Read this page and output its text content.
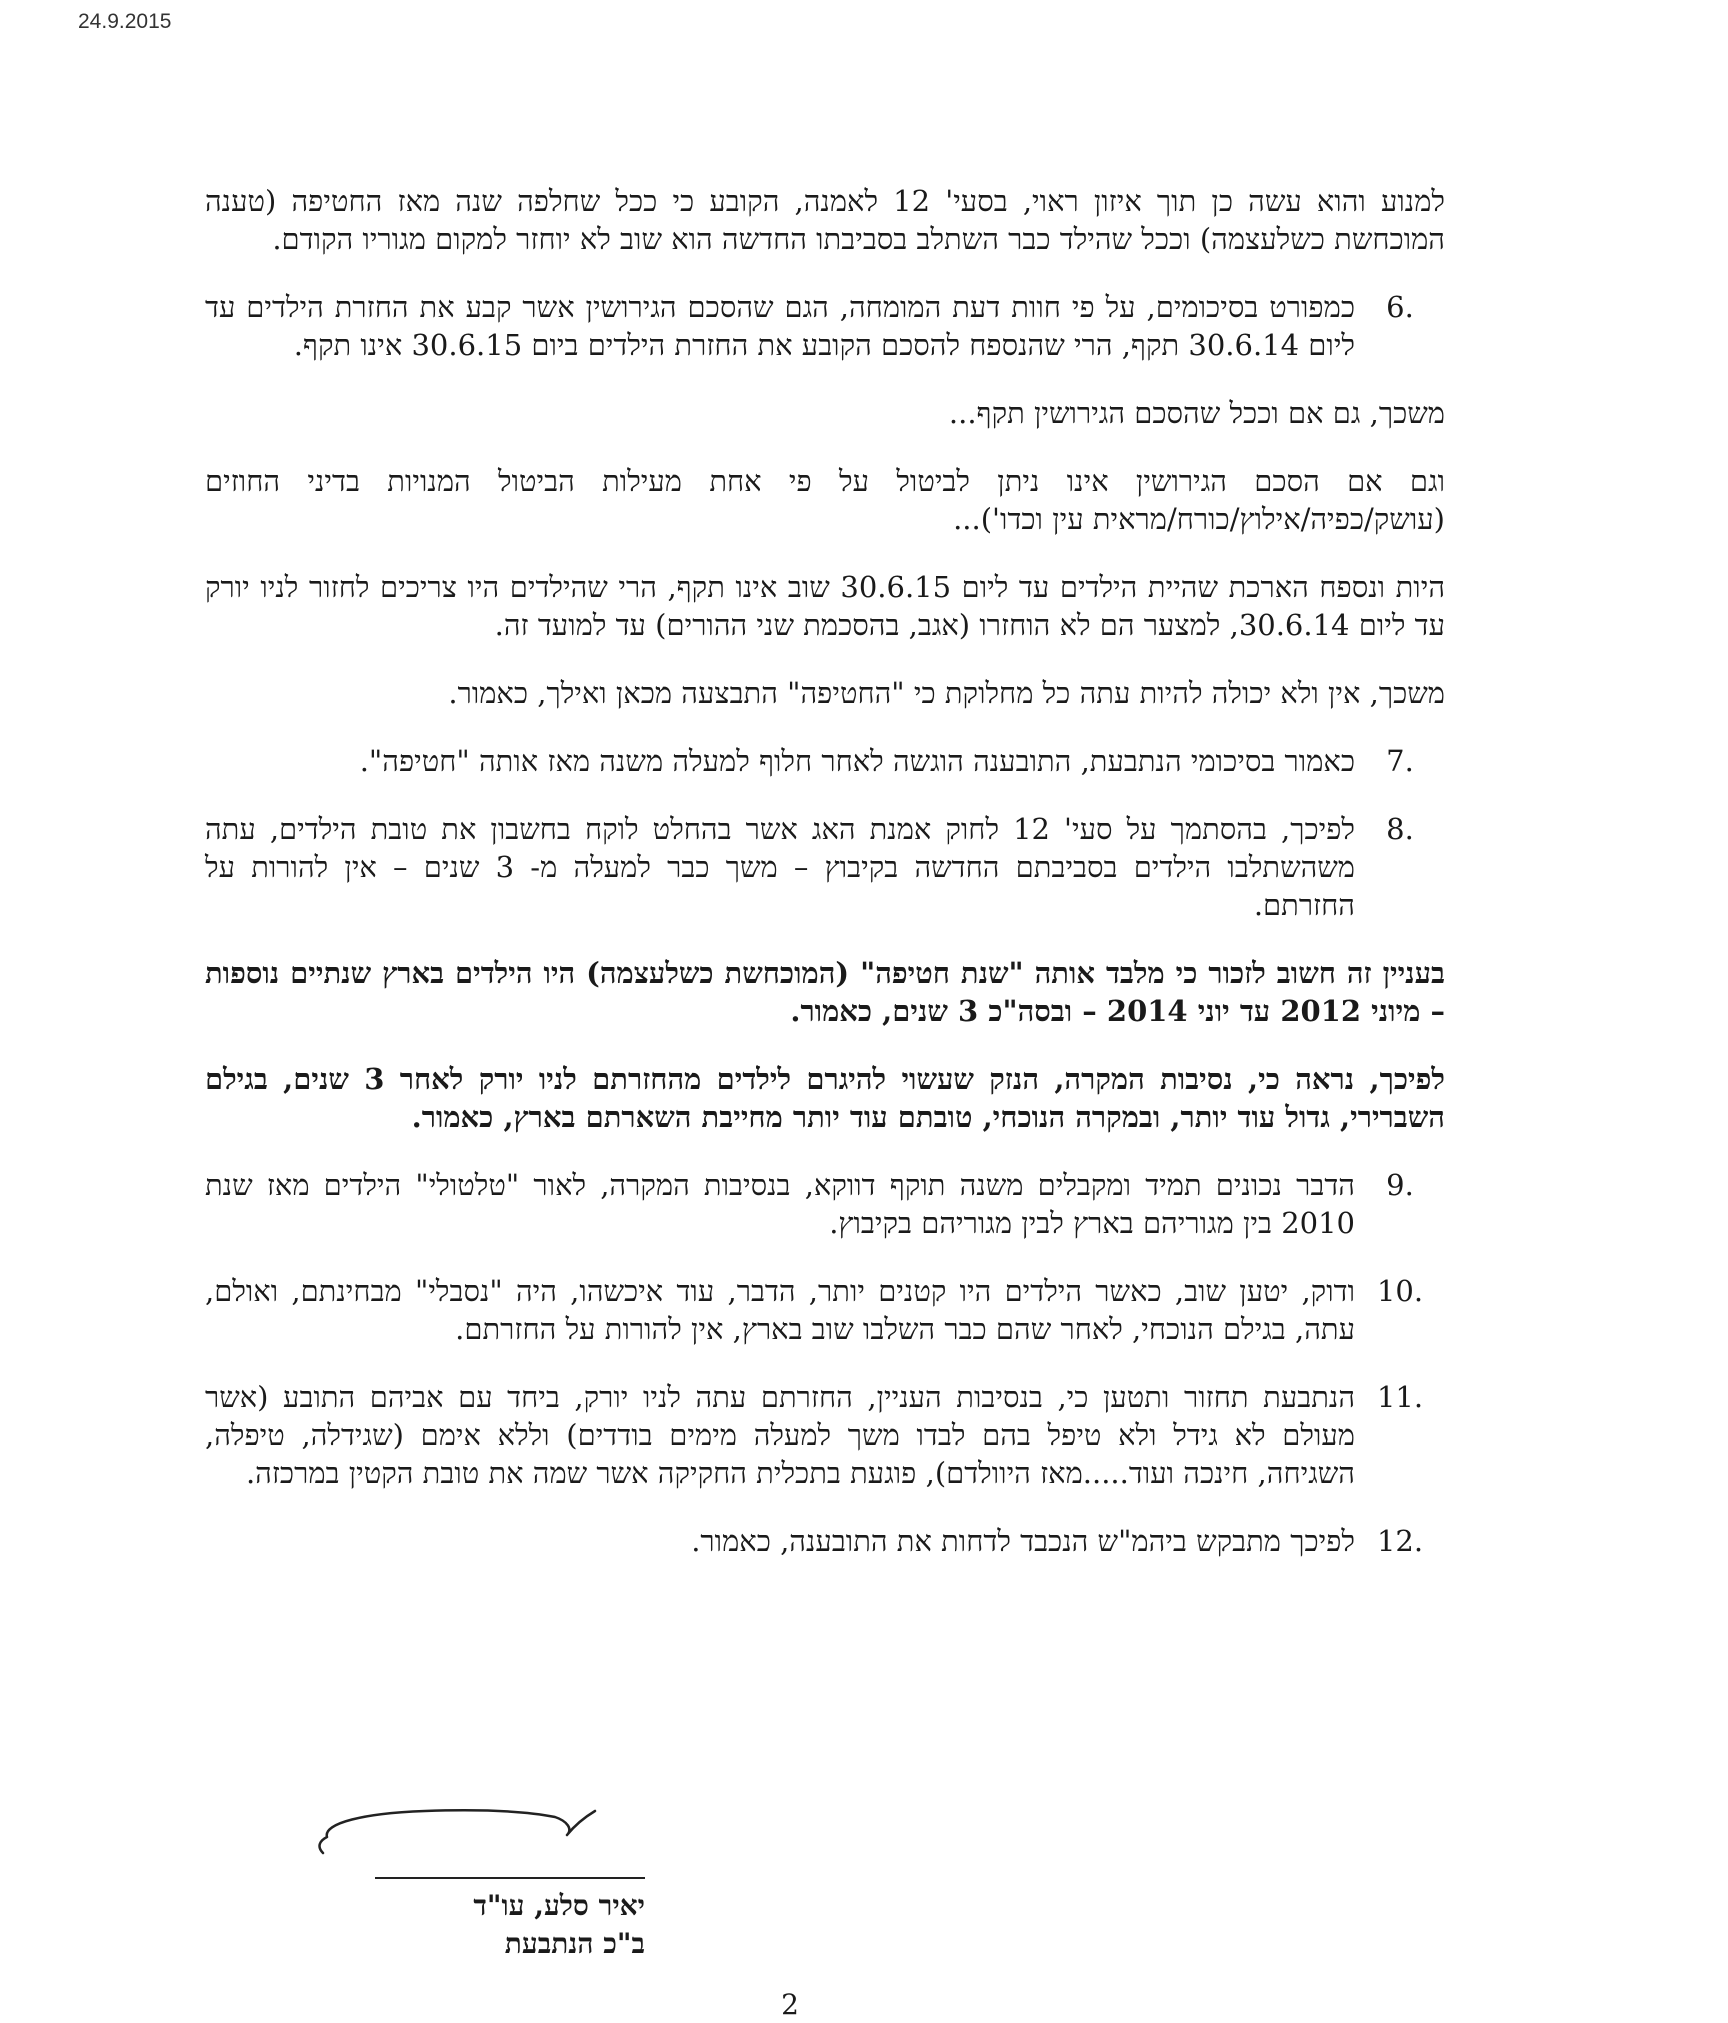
24.9.2015

למנוע והוא עשה כן תוך איזון ראוי, בסעי' 12 לאמנה, הקובע כי ככל שחלפה שנה מאז החטיפה (טענה המוכחשת כשלעצמה) וככל שהילד כבר השתלב בסביבתו החדשה הוא שוב לא יוחזר למקום מגוריו הקודם.

.6
כמפורט בסיכומים, על פי חוות דעת המומחה, הגם שהסכם הגירושין אשר קבע את החזרת הילדים עד ליום 30.6.14 תקף, הרי שהנספח להסכם הקובע את החזרת הילדים ביום 30.6.15 אינו תקף.

משכך, גם אם וככל שהסכם הגירושין תקף...

וגם אם הסכם הגירושין אינו ניתן לביטול על פי אחת מעילות הביטול המנויות בדיני החוזים (עושק/כפיה/אילוץ/כורח/מראית עין וכדו')...

היות ונספח הארכת שהיית הילדים עד ליום 30.6.15 שוב אינו תקף, הרי שהילדים היו צריכים לחזור לניו יורק עד ליום 30.6.14, למצער הם לא הוחזרו (אגב, בהסכמת שני ההורים) עד למועד זה.

משכך, אין ולא יכולה להיות עתה כל מחלוקת כי "החטיפה" התבצעה מכאן ואילך, כאמור.

.7
כאמור בסיכומי הנתבעת, התובענה הוגשה לאחר חלוף למעלה משנה מאז אותה "חטיפה".
.8
לפיכך, בהסתמך על סעי' 12 לחוק אמנת האג אשר בהחלט לוקח בחשבון את טובת הילדים, עתה משהשתלבו הילדים בסביבתם החדשה בקיבוץ – משך כבר למעלה מ- 3 שנים – אין להורות על החזרתם.

בעניין זה חשוב לזכור כי מלבד אותה "שנת חטיפה" (המוכחשת כשלעצמה) היו הילדים בארץ שנתיים נוספות – מיוני 2012 עד יוני 2014 – ובסה"כ 3 שנים, כאמור.

לפיכך, נראה כי, נסיבות המקרה, הנזק שעשוי להיגרם לילדים מהחזרתם לניו יורק לאחר 3 שנים, בגילם השברירי, גדול עוד יותר, ובמקרה הנוכחי, טובתם עוד יותר מחייבת השארתם בארץ, כאמור.

.9
הדבר נכונים תמיד ומקבלים משנה תוקף דווקא, בנסיבות המקרה, לאור "טלטולי" הילדים מאז שנת 2010 בין מגוריהם בארץ לבין מגוריהם בקיבוץ.
.10
ודוק, יטען שוב, כאשר הילדים היו קטנים יותר, הדבר, עוד איכשהו, היה "נסבלי" מבחינתם, ואולם, עתה, בגילם הנוכחי, לאחר שהם כבר השלבו שוב בארץ, אין להורות על החזרתם.
.11
הנתבעת תחזור ותטען כי, בנסיבות העניין, החזרתם עתה לניו יורק, ביחד עם אביהם התובע (אשר מעולם לא גידל ולא טיפל בהם לבדו משך למעלה מימים בודדים) וללא אימם (שגידלה, טיפלה, השגיחה, חינכה ועוד.....מאז היוולדם), פוגעת בתכלית החקיקה אשר שמה את טובת הקטין במרכזה.
.12
לפיכך מתבקש ביהמ"ש הנכבד לדחות את התובענה, כאמור.
יאיר סלע, עו"ד
ב"כ הנתבעת
2
